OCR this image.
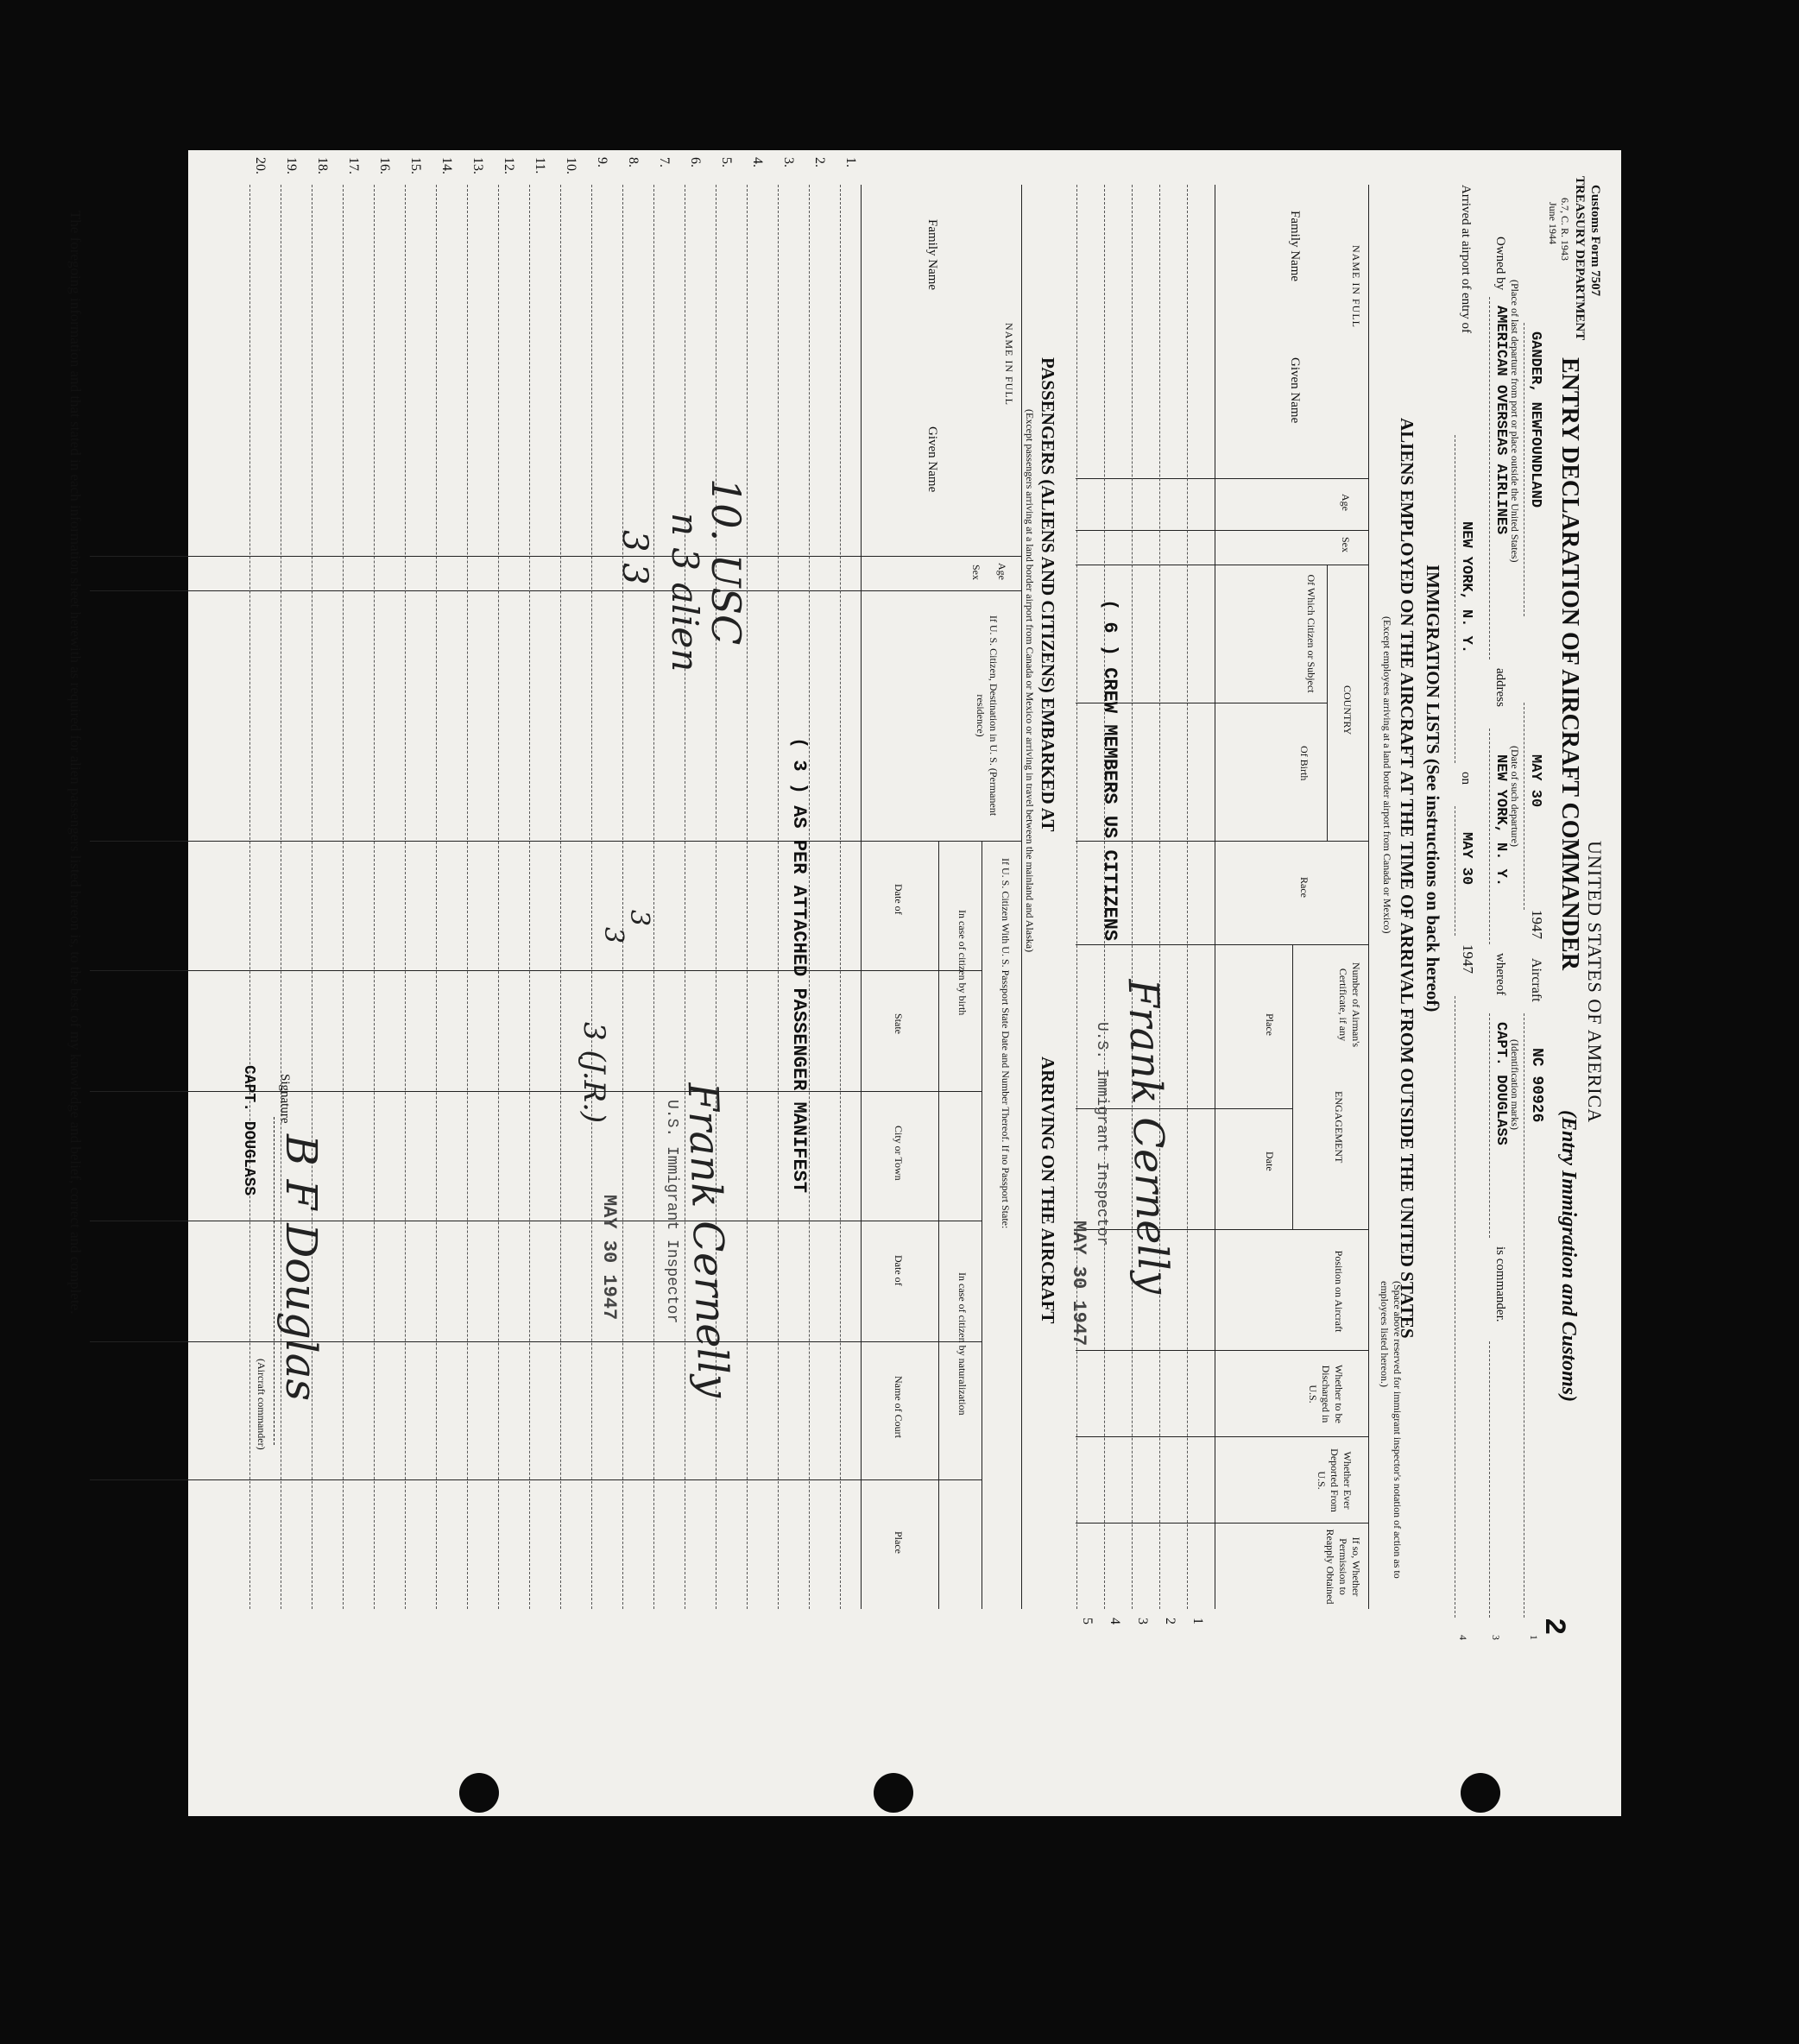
Customs Form 7507
TREASURY DEPARTMENT
6.7, C. R. 1943
June 1944
UNITED STATES OF AMERICA
ENTRY DECLARATION OF AIRCRAFT COMMANDER
(Entry Immigration and Customs)
2
GANDER, NEWFOUNDLAND
MAY 30
1947
Aircraft
NC 90926
1
(Place of last departure from port or place outside the United States)
(Date of such departure)
(Identification marks)
Owned by
AMERICAN OVERSEAS AIRLINES
address
NEW YORK, N. Y.
whereof
CAPT. DOUGLASS
is commander.
3
Arrived at airport of entry of
NEW YORK, N. Y.
on
MAY 30
1947
4
IMMIGRATION LISTS (See instructions on back hereof)
ALIENS EMPLOYED ON THE AIRCRAFT AT THE TIME OF ARRIVAL FROM OUTSIDE THE UNITED STATES
(Except employees arriving at a land border airport from Canada or Mexico)
(Space above reserved for immigrant inspector's notation of action as to employees listed hereon.)
NAME IN FULL
Family Name
Given Name
Age
Sex
COUNTRY
Of Which Citizen or Subject
Of Birth
Race
Number of Airman's Certificate, if any
ENGAGEMENT
Place
Date
Position on Aircraft
Whether to be Discharged in U.S.
Whether Ever Deported From U.S.
If so, Whether Permission to Reapply Obtained
1
2
3
4
5
( 6 ) CREW MEMBERS US CITIZENS
Frank Cernelly
U.S. Immigrant Inspector
MAY 30 1947
PASSENGERS (ALIENS AND CITIZENS) EMBARKED AT
ARRIVING ON THE AIRCRAFT
(Except passengers arriving at a land border airport from Canada or Mexico or arriving in travel between the mainland and Alaska)
NAME IN FULL
Family Name
Given Name
Age
Sex
If U. S. Citizen, Destination in U. S. (Permanent residence)
If U. S. Citizen With U. S. Passport State Date and Number Thereof. If no Passport State:
In case of citizen by birth
In case of citizen by naturalization
Date of
State
City or Town
Date of
Name of Court
Place
1.
2.
3.
4.
5.
6.
7.
8.
9.
10.
11.
12.
13.
14.
15.
16.
17.
18.
19.
20.
( 3 ) AS PER ATTACHED PASSENGER MANIFEST
10. USC
n 3 alien
3 3
3
3
3 (J.R.)
Frank Cernelly
U.S. Immigrant Inspector
MAY 30 1947
The foregoing information and that stated in each information sheet herewith as required for alien passengers listed hereon is, to the best of my knowledge and belief, correct and complete.	Signature
B F Douglas
CAPT. DOUGLASS
(Aircraft commander)
